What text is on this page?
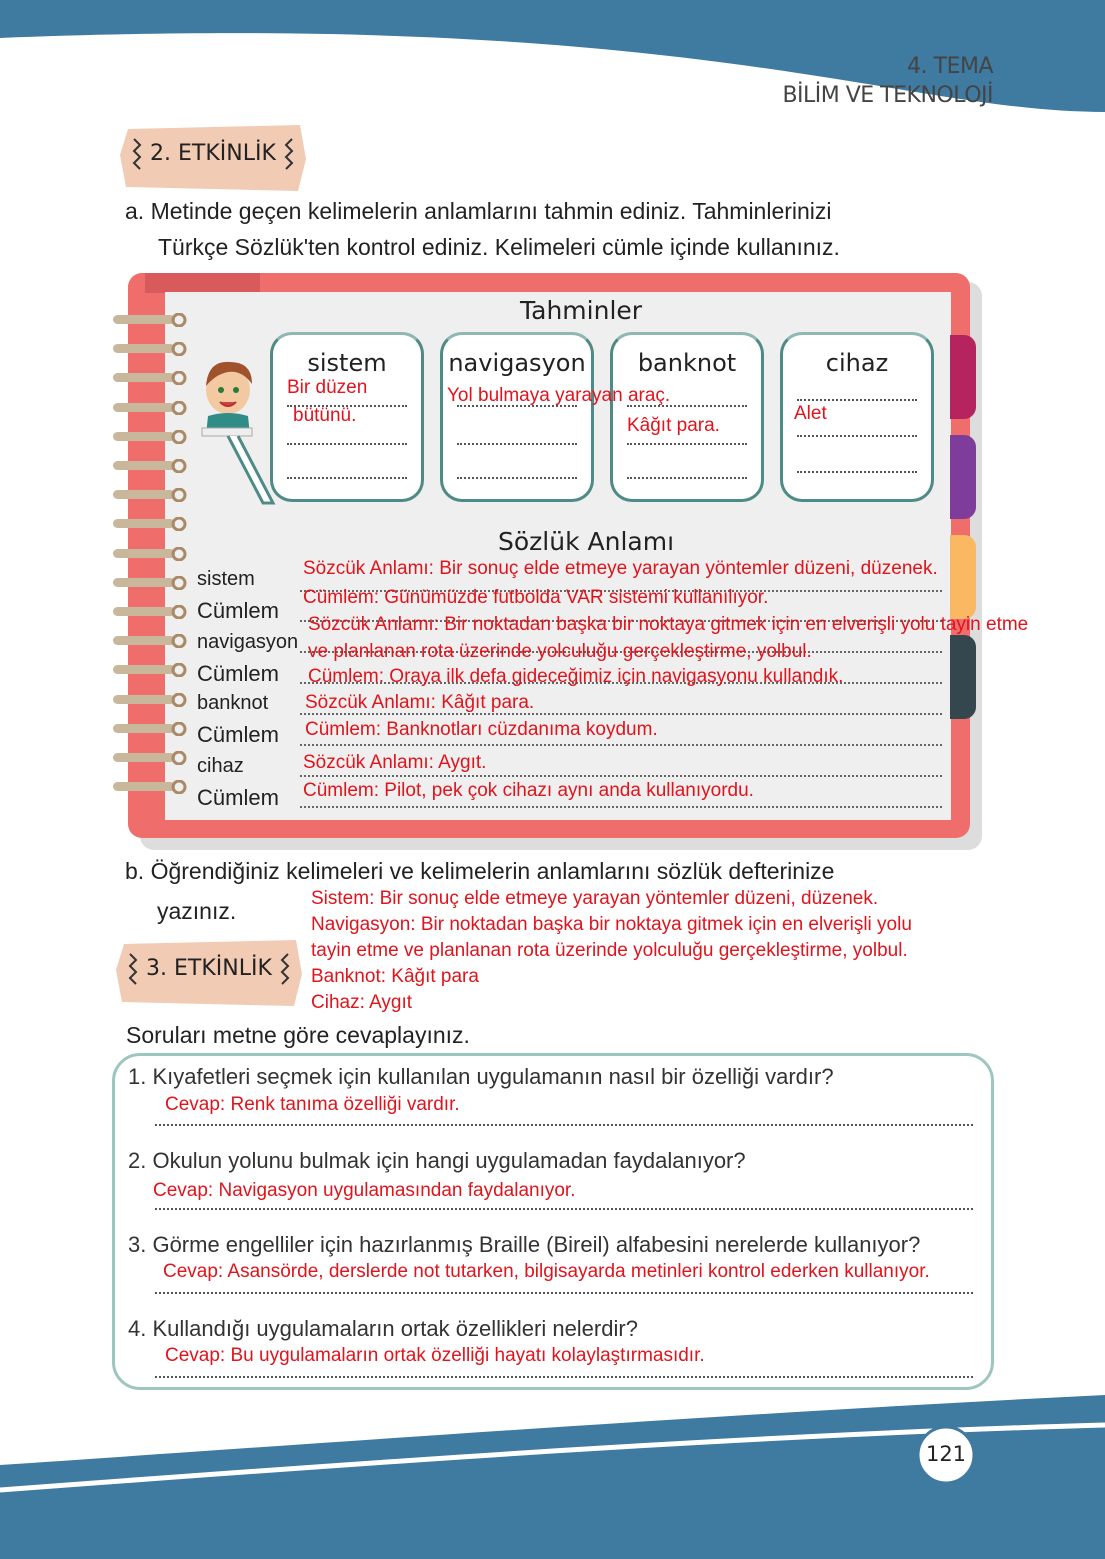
4. TEMA
BİLİM VE TEKNOLOJİ
2. ETKİNLİK
a. Metinde geçen kelimelerin anlamlarını tahmin ediniz. Tahminlerinizi
Türkçe Sözlük'ten kontrol ediniz. Kelimeleri cümle içinde kullanınız.
Tahminler
sistem
Bir düzen
bütünü.
navigasyon	banknot
Kâğıt para.
cihaz
Alet
Yol bulmaya yarayan araç.
Sözlük Anlamı
sistem
Cümlem
navigasyon
Cümlem
banknot
Cümlem
cihaz
Cümlem
Sözcük Anlamı: Bir sonuç elde etmeye yarayan yöntemler düzeni, düzenek.
Cümlem: Günümüzde futbolda VAR sistemi kullanılıyor.
Sözcük Anlamı: Bir noktadan başka bir noktaya gitmek için en elverişli yolu tayin etme
ve planlanan rota üzerinde yolculuğu gerçekleştirme, yolbul.
Cümlem: Oraya ilk defa gideceğimiz için navigasyonu kullandık.
Sözcük Anlamı: Kâğıt para.
Cümlem: Banknotları cüzdanıma koydum.
Sözcük Anlamı: Aygıt.
Cümlem: Pilot, pek çok cihazı aynı anda kullanıyordu.
b. Öğrendiğiniz kelimeleri ve kelimelerin anlamlarını sözlük defterinize
yazınız.	Sistem: Bir sonuç elde etmeye yarayan yöntemler düzeni, düzenek.
Navigasyon: Bir noktadan başka bir noktaya gitmek için en elverişli yolu
tayin etme ve planlanan rota üzerinde yolculuğu gerçekleştirme, yolbul.
Banknot: Kâğıt para
Cihaz: Aygıt
3. ETKİNLİK
Soruları metne göre cevaplayınız.
1. Kıyafetleri seçmek için kullanılan uygulamanın nasıl bir özelliği vardır?
Cevap: Renk tanıma özelliği vardır.
2. Okulun yolunu bulmak için hangi uygulamadan faydalanıyor?
Cevap: Navigasyon uygulamasından faydalanıyor.
3. Görme engelliler için hazırlanmış Braille (Bireil) alfabesini nerelerde kullanıyor?
Cevap: Asansörde, derslerde not tutarken, bilgisayarda metinleri kontrol ederken kullanıyor.
4. Kullandığı uygulamaların ortak özellikleri nelerdir?
Cevap: Bu uygulamaların ortak özelliği hayatı kolaylaştırmasıdır.
121
